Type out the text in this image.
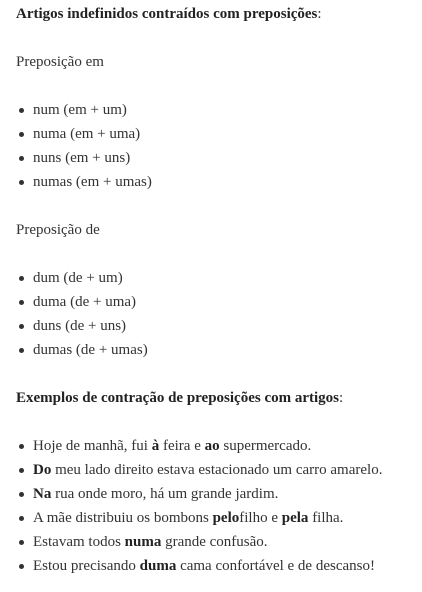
Artigos indefinidos contraídos com preposições:

Preposição em

num (em + um)
numa (em + uma)
nuns (em + uns)
numas (em + umas)

Preposição de

dum (de + um)
duma (de + uma)
duns (de + uns)
dumas (de + umas)

Exemplos de contração de preposições com artigos:

Hoje de manhã, fui à feira e ao supermercado.
Do meu lado direito estava estacionado um carro amarelo.
Na rua onde moro, há um grande jardim.
A mãe distribuiu os bombons pelofilho e pela filha.
Estavam todos numa grande confusão.
Estou precisando duma cama confortável e de descanso!
